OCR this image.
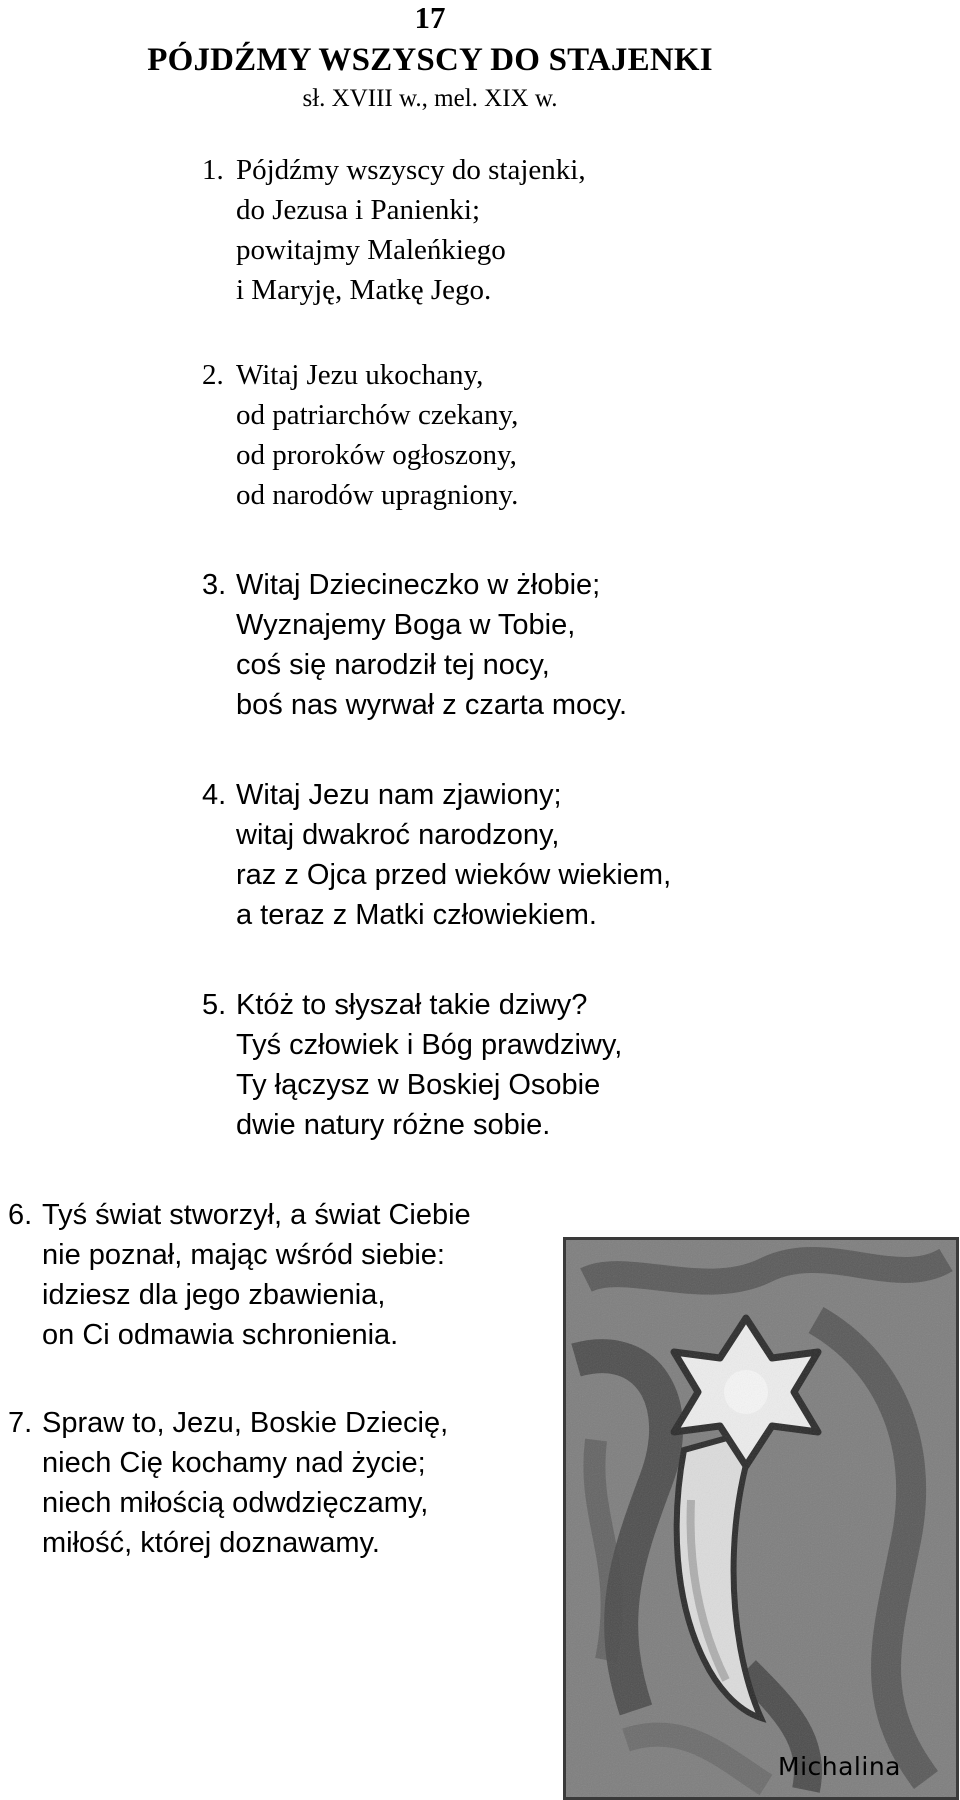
17
PÓJDŹMY WSZYSCY DO STAJENKI
sł. XVIII w., mel. XIX w.
1. Pójdźmy wszyscy do stajenki,
do Jezusa i Panienki;
powitajmy Maleńkiego
i Maryję, Matkę Jego.
2. Witaj Jezu ukochany,
od patriarchów czekany,
od proroków ogłoszony,
od narodów upragniony.
3. Witaj Dziecineczko w żłobie;
Wyznajemy Boga w Tobie,
coś się narodził tej nocy,
boś nas wyrwał z czarta mocy.
4. Witaj Jezu nam zjawiony;
witaj dwakroć narodzony,
raz z Ojca przed wieków wiekiem,
a teraz z Matki człowiekiem.
5. Któż to słyszał takie dziwy?
Tyś człowiek i Bóg prawdziwy,
Ty łączysz w Boskiej Osobie
dwie natury różne sobie.
6. Tyś świat stworzył, a świat Ciebie
nie poznał, mając wśród siebie:
idziesz dla jego zbawienia,
on Ci odmawia schronienia.
7. Spraw to, Jezu, Boskie Dziecię,
niech Cię kochamy nad życie;
niech miłością odwdzięczamy,
miłość, której doznawamy.
Michalina
